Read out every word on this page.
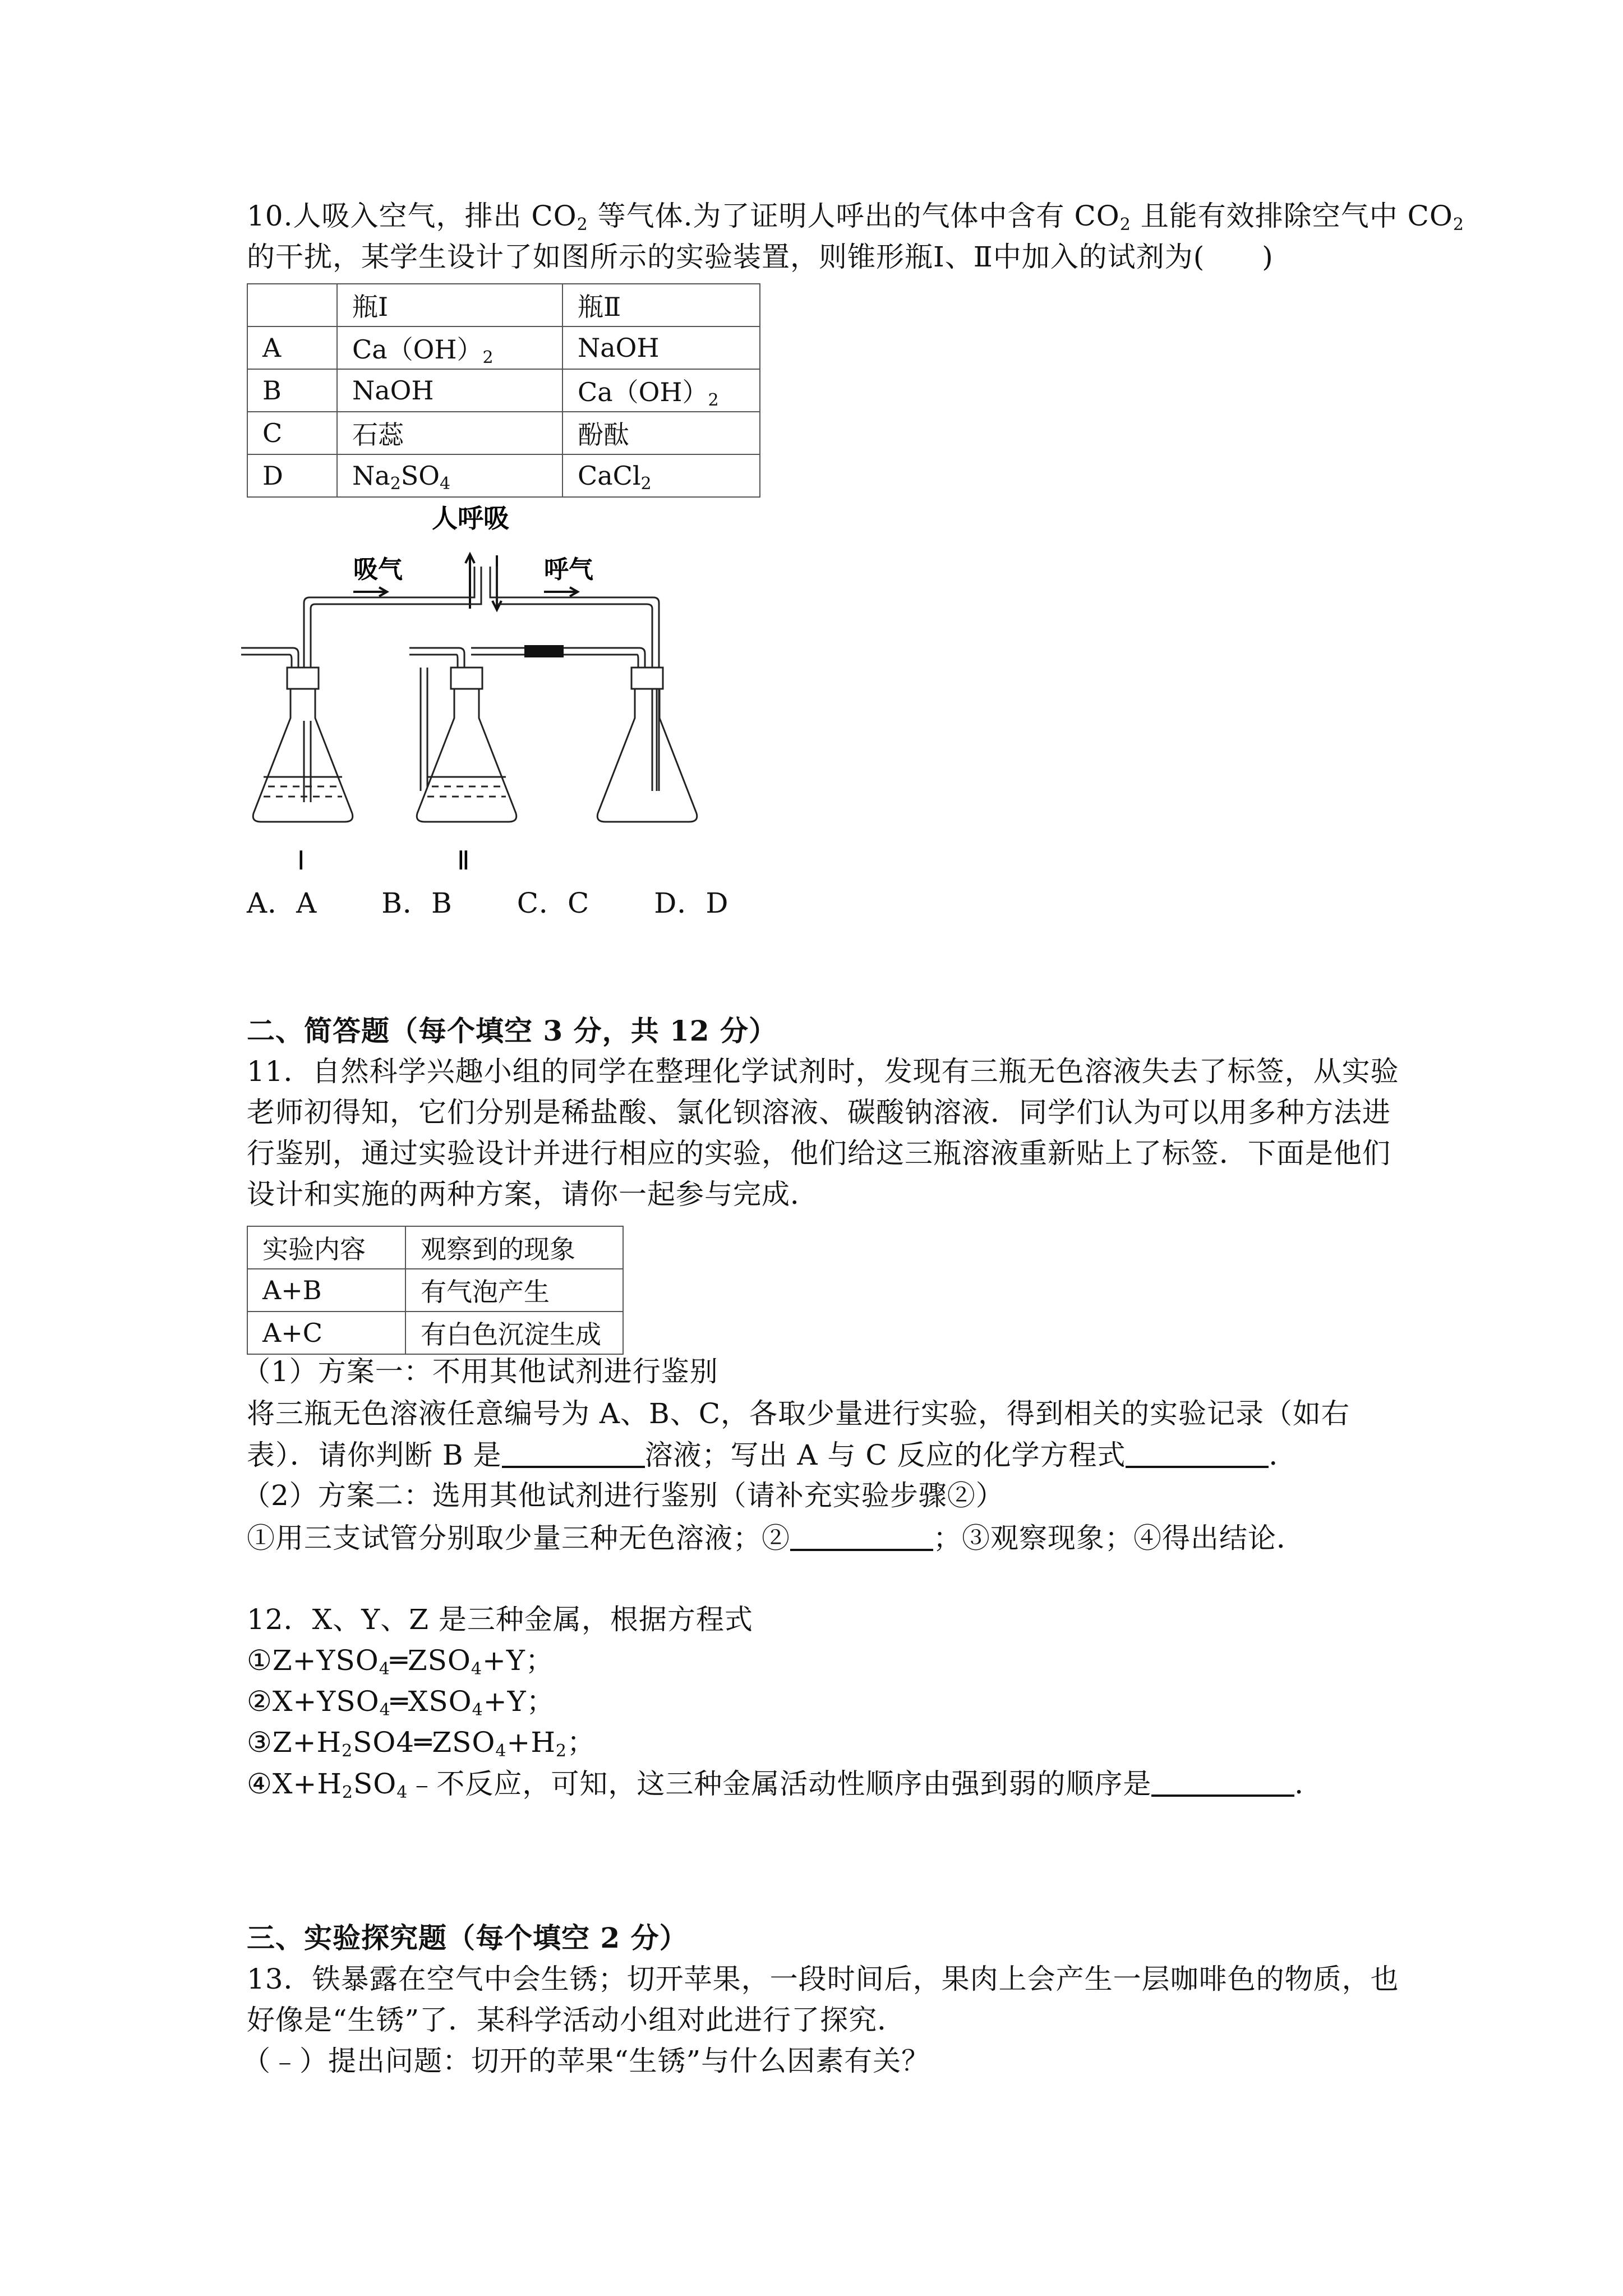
10.人吸入空气，排出 $CO_2$ 等气体.为了证明人呼出的气体中含有 $CO_2$ 且能有效排除空气中 $CO_2$
的干扰，某学生设计了如图所示的实验装置，则锥形瓶Ⅰ、Ⅱ中加入的试剂为(　　)
	瓶Ⅰ	瓶Ⅱ
A	$Ca(OH)_2$	NaOH
B	NaOH	$Ca(OH)_2$
C	石蕊	酚酞
D	$Na_2SO_4$	CaCl$_2$
人呼吸
吸气	呼气
Ⅰ	Ⅱ
A．A B．B C．C D．D
二、简答题（每个填空 3 分，共 12 分）
11．自然科学兴趣小组的同学在整理化学试剂时，发现有三瓶无色溶液失去了标签，从实验
老师初得知，它们分别是稀盐酸、氯化钡溶液、碳酸钠溶液．同学们认为可以用多种方法进
行鉴别，通过实验设计并进行相应的实验，他们给这三瓶溶液重新贴上了标签．下面是他们
设计和实施的两种方案，请你一起参与完成．
实验内容	观察到的现象
A+B	有气泡产生
A+C	有白色沉淀生成
（1）方案一：不用其他试剂进行鉴别
将三瓶无色溶液任意编号为 A、B、C，各取少量进行实验，得到相关的实验记录（如右
表）．请你判断 B 是	溶液；写出 A 与 C 反应的化学方程式	．
（2）方案二：选用其他试剂进行鉴别（请补充实验步骤②）
①用三支试管分别取少量三种无色溶液；②	；③观察现象；④得出结论．
12．X、Y、Z 是三种金属，根据方程式
$①Z+YSO_4═ZSO_4+Y$；
$②X+YSO_4═XSO_4+Y$；
$③Z+H_2SO4═ZSO_4+H_2$；
$④X+H_2SO_4﹣$不反应，可知，这三种金属活动性顺序由强到弱的顺序是	．
三、实验探究题（每个填空 2 分）
13．铁暴露在空气中会生锈；切开苹果，一段时间后，果肉上会产生一层咖啡色的物质，也
好像是“生锈”了．某科学活动小组对此进行了探究．
（﹣）提出问题：切开的苹果“生锈”与什么因素有关？
